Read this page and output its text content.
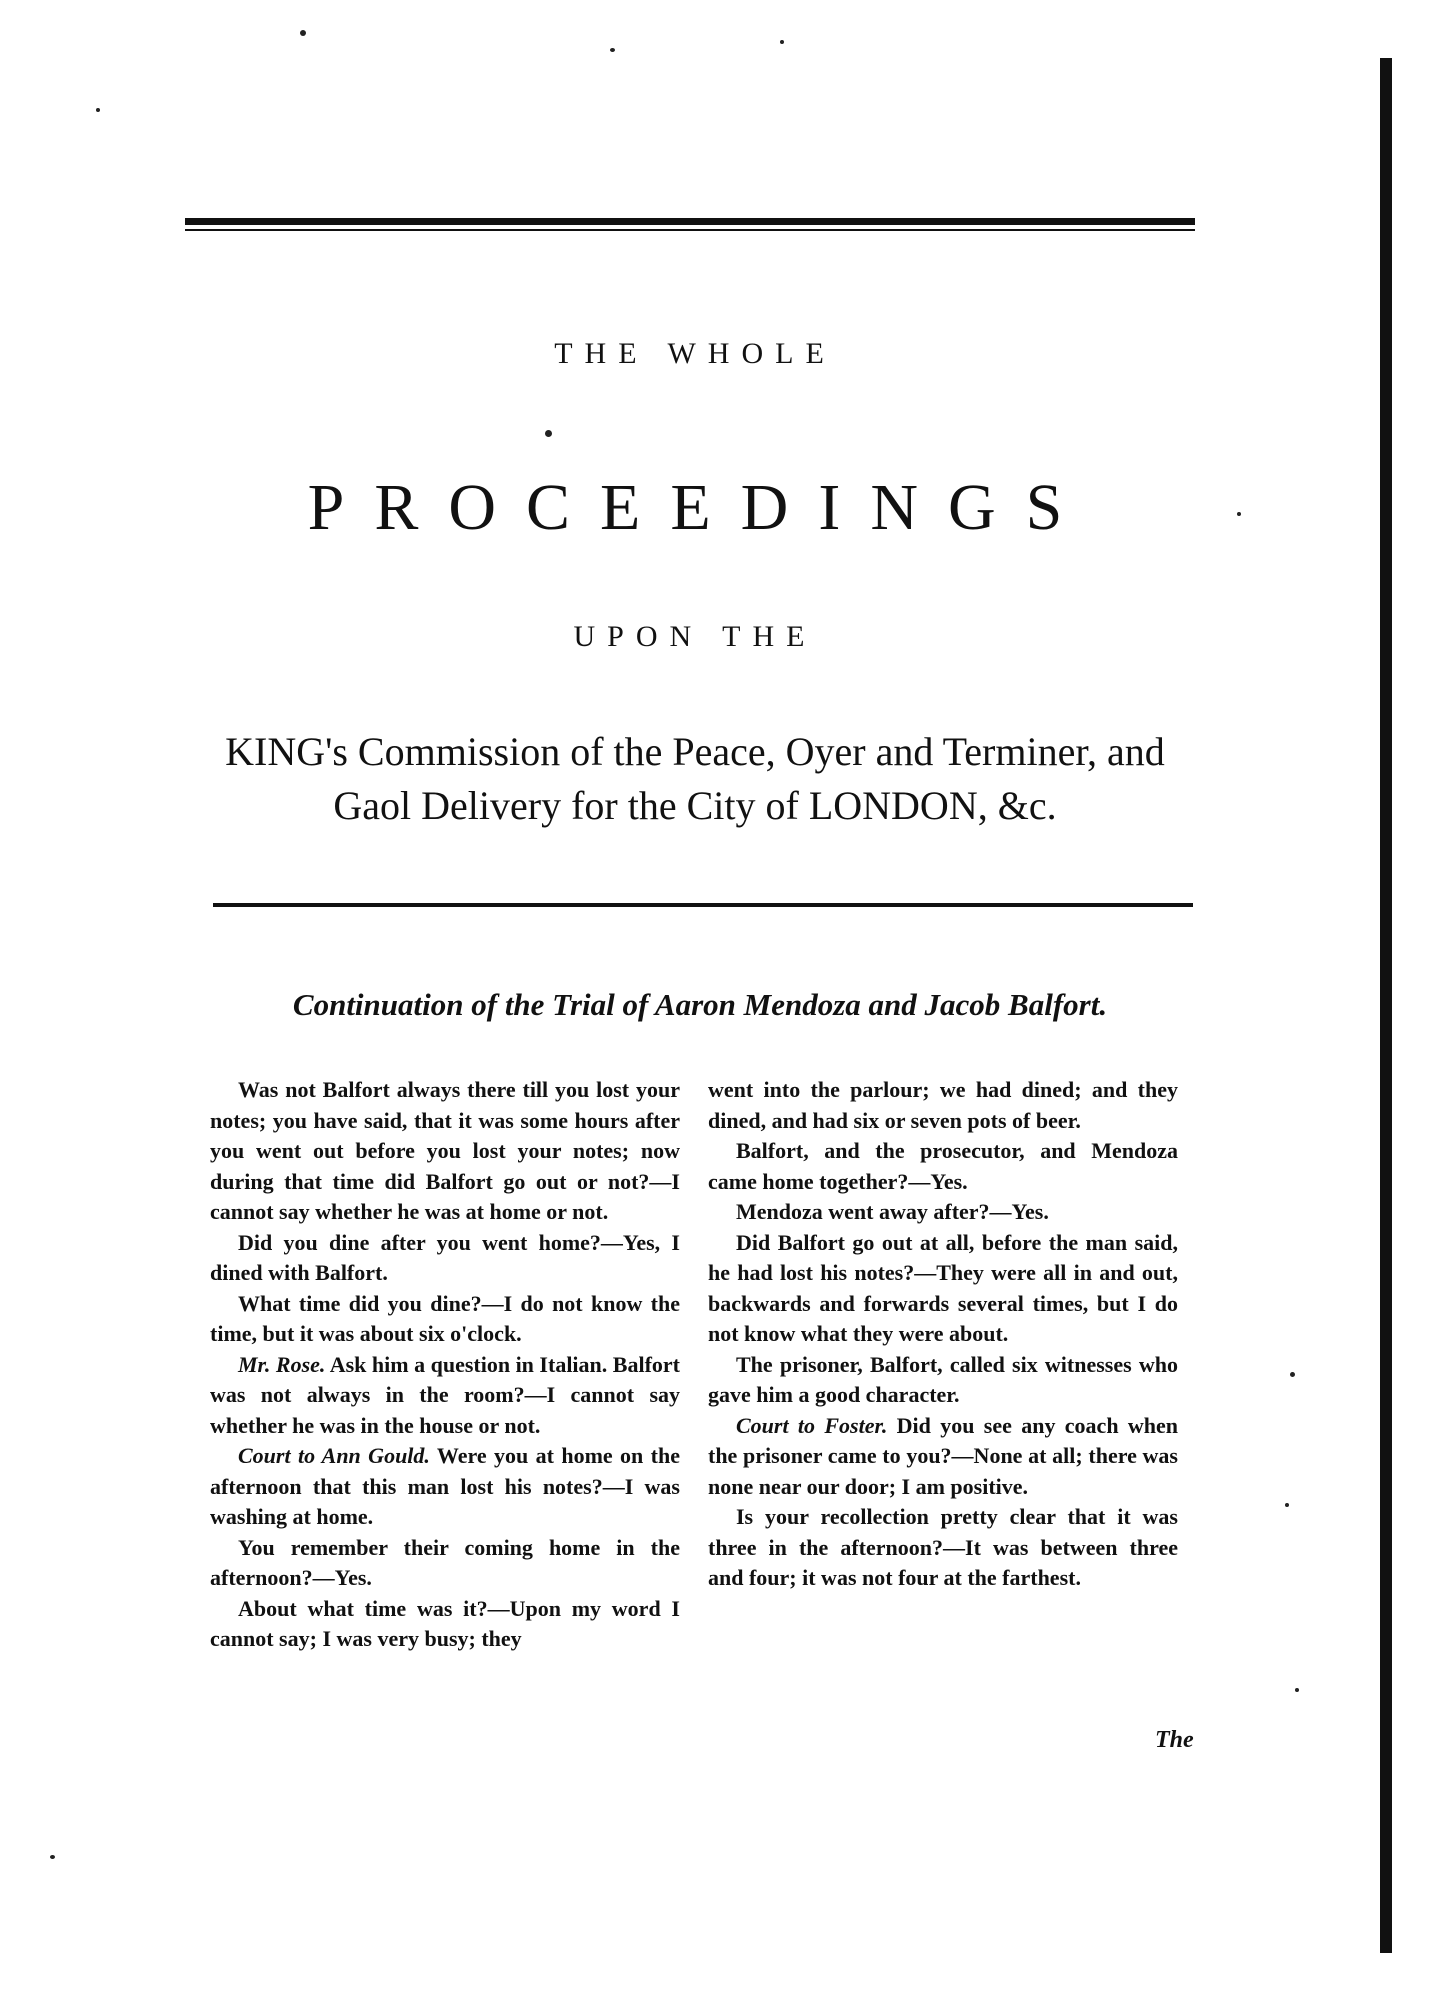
THE WHOLE
PROCEEDINGS
UPON THE
KING's Commission of the Peace, Oyer and Terminer, and
Gaol Delivery for the City of LONDON, &c.
Continuation of the Trial of Aaron Mendoza and Jacob Balfort.

Was not Balfort always there till you lost your notes; you have said, that it was some hours after you went out before you lost your notes; now during that time did Balfort go out or not?—I cannot say whether he was at home or not.

Did you dine after you went home?—Yes, I dined with Balfort.

What time did you dine?—I do not know the time, but it was about six o'clock.

Mr. Rose. Ask him a question in Italian. Balfort was not always in the room?—I cannot say whether he was in the house or not.

Court to Ann Gould. Were you at home on the afternoon that this man lost his notes?—I was washing at home.

You remember their coming home in the afternoon?—Yes.

About what time was it?—Upon my word I cannot say; I was very busy; they

went into the parlour; we had dined; and they dined, and had six or seven pots of beer.

Balfort, and the prosecutor, and Mendoza came home together?—Yes.

Mendoza went away after?—Yes.

Did Balfort go out at all, before the man said, he had lost his notes?—They were all in and out, backwards and forwards several times, but I do not know what they were about.

The prisoner, Balfort, called six witnesses who gave him a good character.

Court to Foster. Did you see any coach when the prisoner came to you?—None at all; there was none near our door; I am positive.

Is your recollection pretty clear that it was three in the afternoon?—It was between three and four; it was not four at the farthest.

The
